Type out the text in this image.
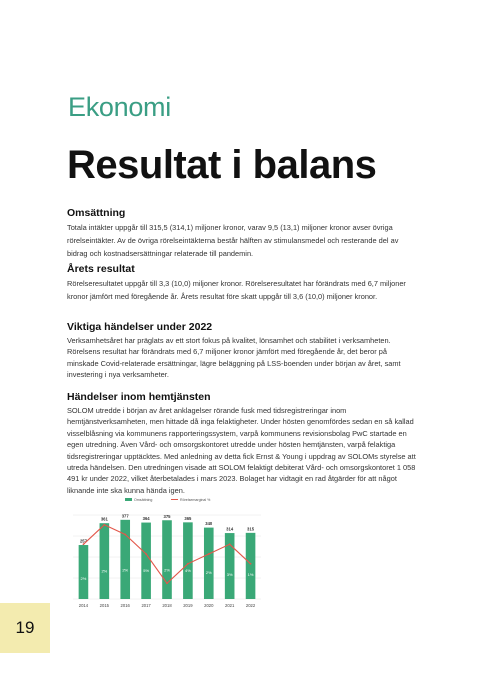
Ekonomi
Resultat i balans
Omsättning

Totala intäkter uppgår till 315,5 (314,1) miljoner kronor, varav 9,5 (13,1) miljoner kronor avser övriga rörelseintäkter. Av de övriga rörelseintäkterna består hälften av stimulansmedel och resterande del av bidrag och kostnadsersättningar relaterade till pandemin.

Årets resultat

Rörelseresultatet uppgår till 3,3 (10,0) miljoner kronor. Rörelseresultatet har förändrats med 6,7 miljoner kronor jämfört med föregående år. Årets resultat före skatt uppgår till 3,6 (10,0) miljoner kronor.

Viktiga händelser under 2022

Verksamhetsåret har präglats av ett stort fokus på kvalitet, lönsamhet och stabilitet i verksamheten. Rörelsens resultat har förändrats med 6,7 miljoner kronor jämfört med föregående år, det beror på minskade Covid-relaterade ersättningar, lägre beläggning på LSS-boenden under början av året, samt investering i nya verksamheter.

Händelser inom hemtjänsten

SOLOM utredde i början av året anklagelser rörande fusk med tidsregistreringar inom hemtjänstverksamheten, men hittade då inga felaktigheter. Under hösten genomfördes sedan en så kallad visselblåsning via kommunens rapporteringssystem, varpå kommunens revisionsbolag PwC startade en egen utredning. Även Vård- och omsorgskontoret utredde under hösten hemtjänsten, varpå felaktiga tidsregistreringar upptäcktes. Med anledning av detta fick Ernst & Young i uppdrag av SOLOMs styrelse att utreda händelsen. Den utredningen visade att SOLOM felaktigt debiterat Vård- och omsorgskontoret 1 058 491 kr under 2022, vilket återbetalades i mars 2023. Bolaget har vidtagit en rad åtgärder för att något liknande inte ska kunna hända igen.

Omsättning	Rörelsemarginal %
257
2014
2%
361
2015
2%
377
2016
2%
364
2017
5%
375
2018
2%
365
2019
4%
340
2020
2%
314
2021
3%
315
2022
1%
19
